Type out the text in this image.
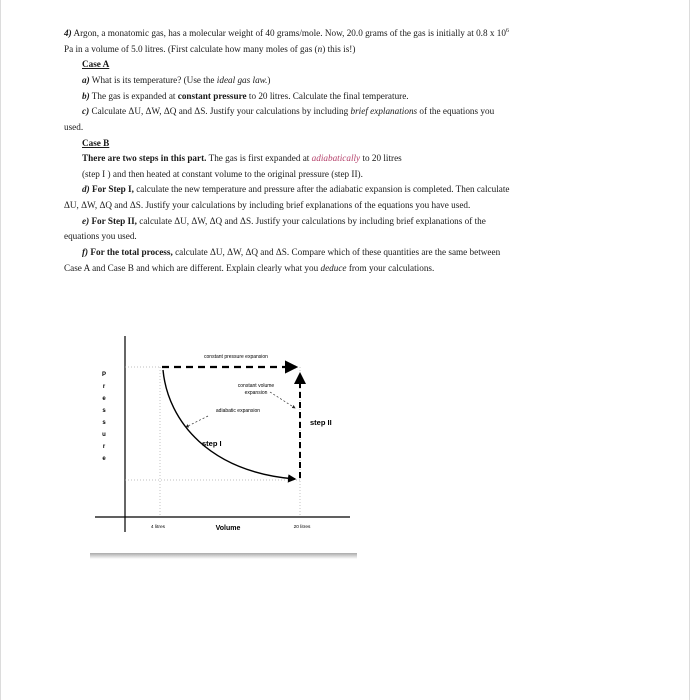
4) Argon, a monatomic gas, has a molecular weight of 40 grams/mole. Now, 20.0 grams of the gas is initially at 0.8 x $10^6$

Pa in a volume of 5.0 litres. (First calculate how many moles of gas (n) this is!)

Case A

a) What is its temperature? (Use the ideal gas law.)

b) The gas is expanded at constant pressure to 20 litres. Calculate the final temperature.

c) Calculate ΔU, ΔW, ΔQ and ΔS. Justify your calculations by including brief explanations of the equations you

used.

Case B

There are two steps in this part. The gas is first expanded at adiabatically to 20 litres

(step I ) and then heated at constant volume to the original pressure (step II).

d) For Step I, calculate the new temperature and pressure after the adiabatic expansion is completed. Then calculate

ΔU, ΔW, ΔQ and ΔS. Justify your calculations by including brief explanations of the equations you have used.

e) For Step II, calculate ΔU, ΔW, ΔQ and ΔS. Justify your calculations by including brief explanations of the

equations you used.

f) For the total process, calculate ΔU, ΔW, ΔQ and ΔS. Compare which of these quantities are the same between

Case A and Case B and which are different. Explain clearly what you deduce from your calculations.

constant pressure expansion
constant volume
expansion
adiabatic expansion
step I
step II
P
r
e
s
s
u
r
e
4 litres	Volume	20 litres
